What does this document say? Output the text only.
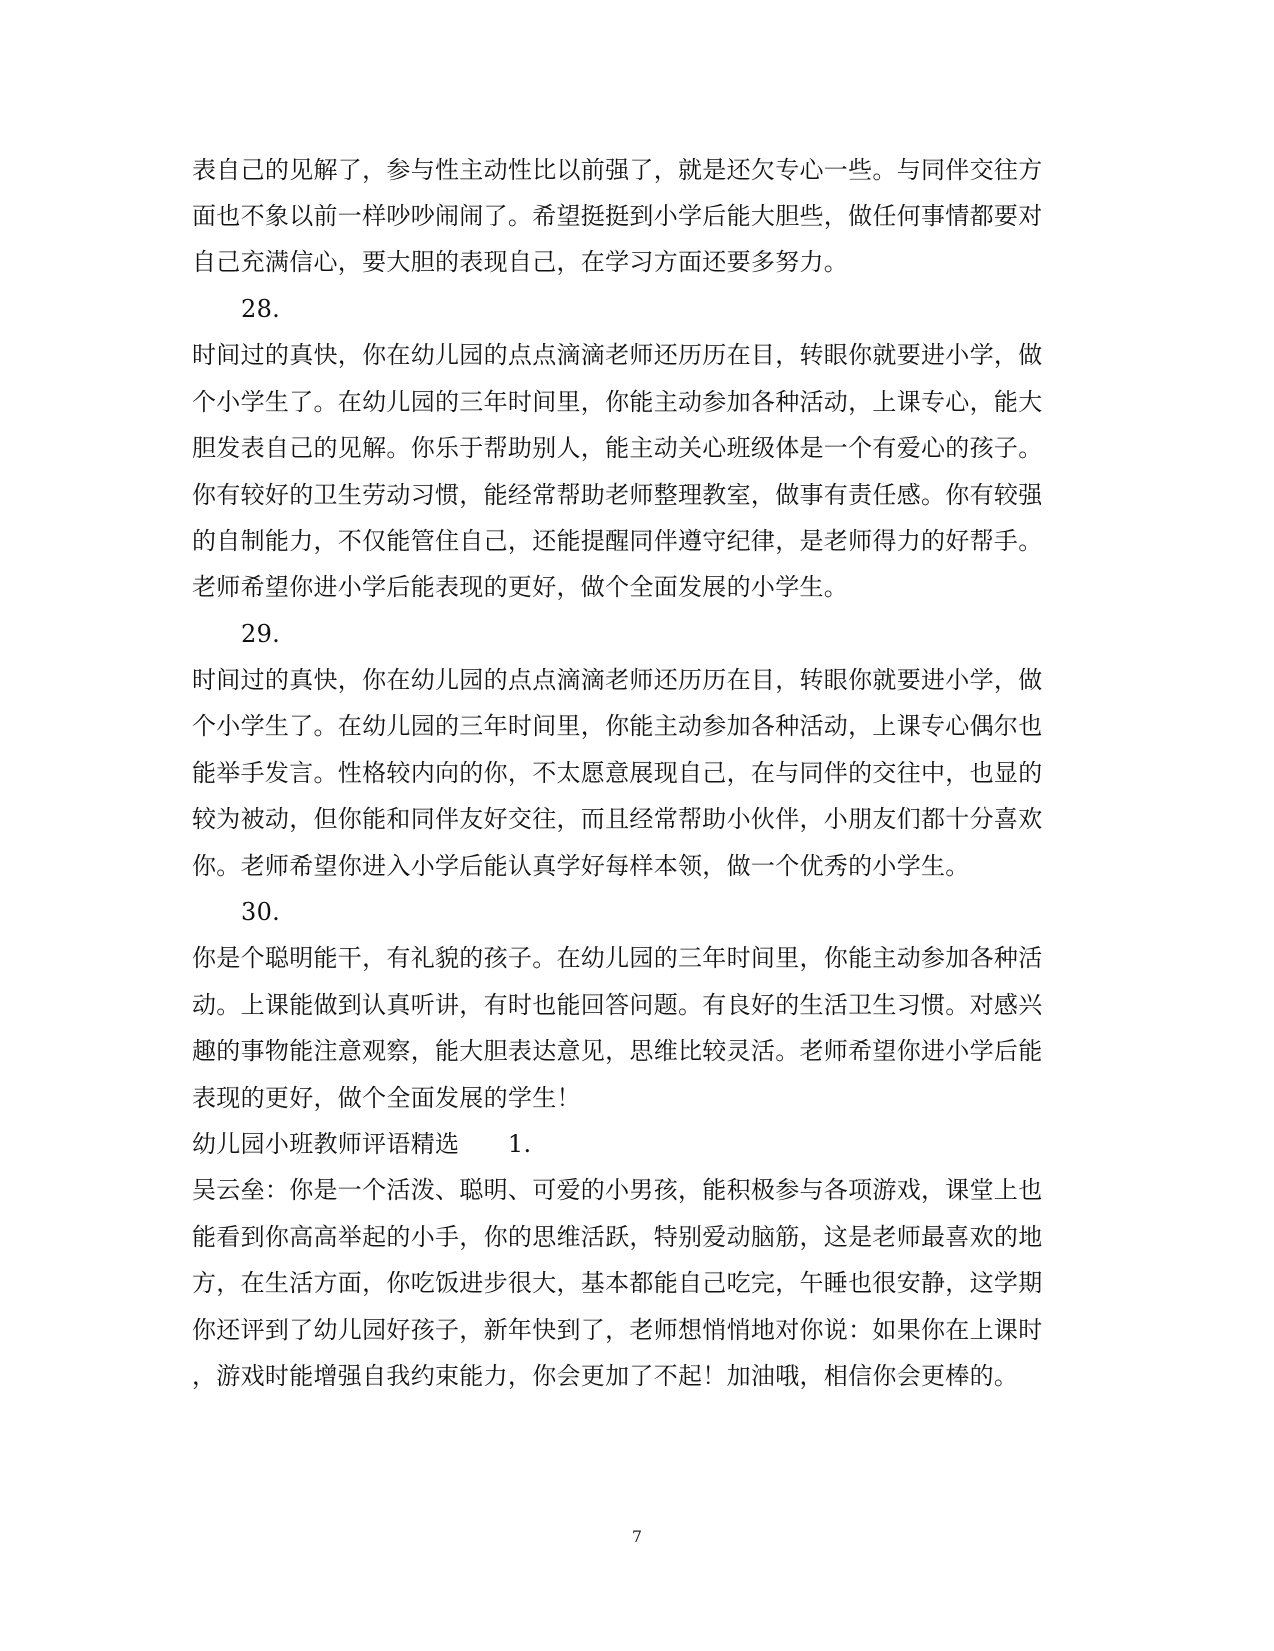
表自己的见解了，参与性主动性比以前强了，就是还欠专心一些。与同伴交往方
面也不象以前一样吵吵闹闹了。希望挺挺到小学后能大胆些，做任何事情都要对
自己充满信心，要大胆的表现自己，在学习方面还要多努力。
28.
时间过的真快，你在幼儿园的点点滴滴老师还历历在目，转眼你就要进小学，做
个小学生了。在幼儿园的三年时间里，你能主动参加各种活动，上课专心，能大
胆发表自己的见解。你乐于帮助别人，能主动关心班级体是一个有爱心的孩子。
你有较好的卫生劳动习惯，能经常帮助老师整理教室，做事有责任感。你有较强
的自制能力，不仅能管住自己，还能提醒同伴遵守纪律，是老师得力的好帮手。
老师希望你进小学后能表现的更好，做个全面发展的小学生。
29.
时间过的真快，你在幼儿园的点点滴滴老师还历历在目，转眼你就要进小学，做
个小学生了。在幼儿园的三年时间里，你能主动参加各种活动，上课专心偶尔也
能举手发言。性格较内向的你，不太愿意展现自己，在与同伴的交往中，也显的
较为被动，但你能和同伴友好交往，而且经常帮助小伙伴，小朋友们都十分喜欢
你。老师希望你进入小学后能认真学好每样本领，做一个优秀的小学生。
30.
你是个聪明能干，有礼貌的孩子。在幼儿园的三年时间里，你能主动参加各种活
动。上课能做到认真听讲，有时也能回答问题。有良好的生活卫生习惯。对感兴
趣的事物能注意观察，能大胆表达意见，思维比较灵活。老师希望你进小学后能
表现的更好，做个全面发展的学生！
幼儿园小班教师评语精选　　1.
吴云垒：你是一个活泼、聪明、可爱的小男孩，能积极参与各项游戏，课堂上也
能看到你高高举起的小手，你的思维活跃，特别爱动脑筋，这是老师最喜欢的地
方，在生活方面，你吃饭进步很大，基本都能自己吃完，午睡也很安静，这学期
你还评到了幼儿园好孩子，新年快到了，老师想悄悄地对你说：如果你在上课时
，游戏时能增强自我约束能力，你会更加了不起！加油哦，相信你会更棒的。
7
